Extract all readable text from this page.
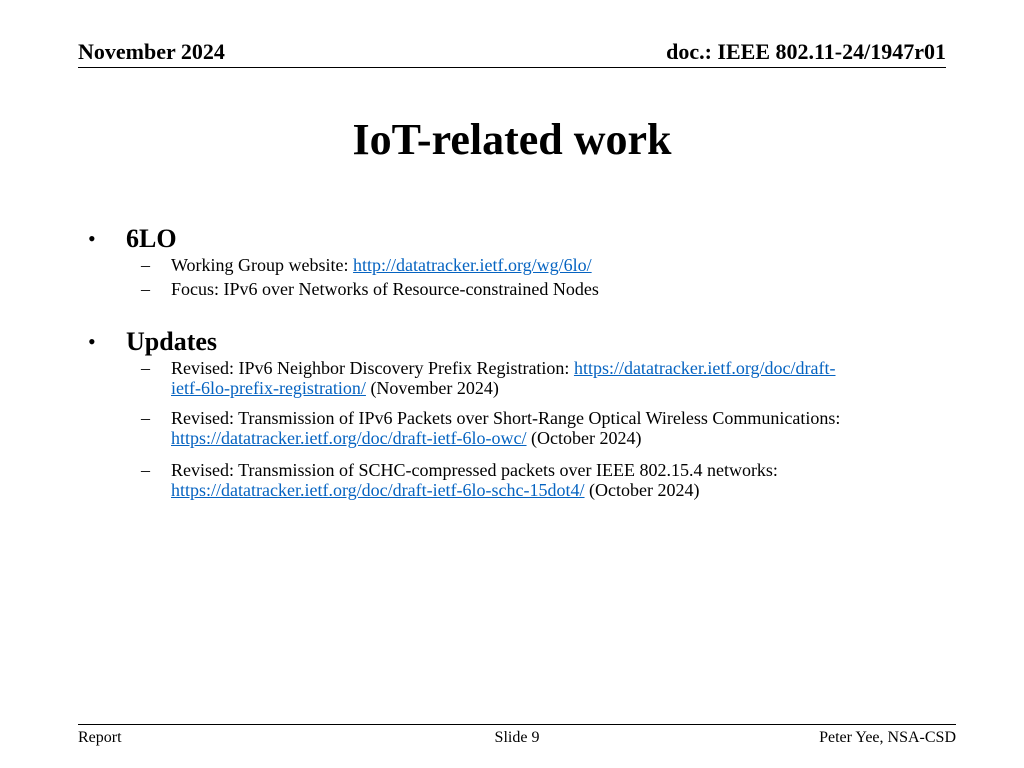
November 2024	doc.: IEEE 802.11-24/1947r01
IoT-related work
• 6LO
– Working Group website: http://datatracker.ietf.org/wg/6lo/
– Focus: IPv6 over Networks of Resource-constrained Nodes
• Updates
– Revised: IPv6 Neighbor Discovery Prefix Registration: https://datatracker.ietf.org/doc/draft-

ietf-6lo-prefix-registration/ (November 2024)

– Revised: Transmission of IPv6 Packets over Short-Range Optical Wireless Communications:

https://datatracker.ietf.org/doc/draft-ietf-6lo-owc/ (October 2024)

– Revised: Transmission of SCHC-compressed packets over IEEE 802.15.4 networks:

https://datatracker.ietf.org/doc/draft-ietf-6lo-schc-15dot4/ (October 2024)

Report	Slide 9	Peter Yee, NSA-CSD
